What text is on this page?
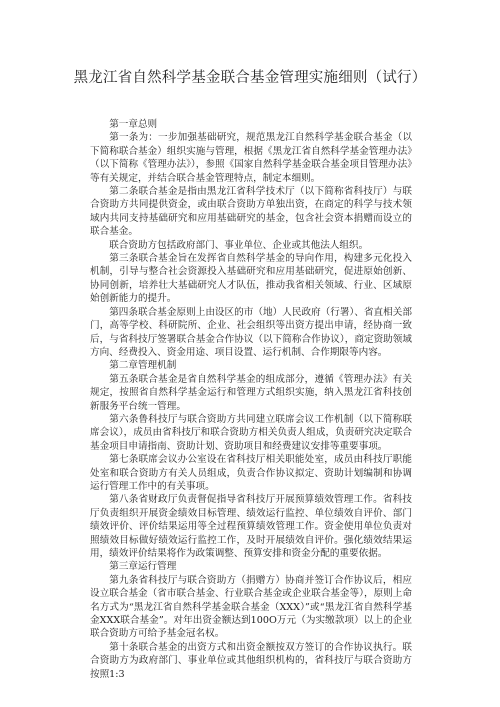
黑龙江省自然科学基金联合基金管理实施细则（试行）

第一章总则

第一条为：一步加强基础研究，规范黑龙江自然科学基金联合基金（以下简称联合基金）组织实施与管理，根据《黑龙江省自然科学基金管理办法》（以下简称《管理办法》），参照《国家自然科学基金联合基金项目管理办法》等有关规定，并结合联合基金管理特点，制定本细则。

第二条联合基金是指由黑龙江省科学技术厅（以下简称省科技厅）与联合资助方共同提供资金，或由联合资助方单独出资，在商定的科学与技术领域内共同支持基础研究和应用基础研究的基金，包含社会资本捐赠而设立的联合基金。

联合资助方包括政府部门、事业单位、企业或其他法人组织。

第三条联合基金旨在发挥省自然科学基金的导向作用，构建多元化投入机制，引导与整合社会资源投入基础研究和应用基础研究，促进原始创新、协同创新，培养壮大基础研究人才队伍，推动我省相关领域、行业、区域原始创新能力的提升。

第四条联合基金原则上由设区的市（地）人民政府（行署）、省直相关部门，高等学校、科研院所、企业、社会组织等出资方提出申请，经协商一致后，与省科技厅签署联合基金合作协议（以下简称合作协议），商定资助领域方向、经费投入、资金用途、项目设置、运行机制、合作期限等内容。

第二章管理机制

第五条联合基金是省自然科学基金的组成部分，遵循《管理办法》有关规定，按照省自然科学基金运行和管理方式组织实施，纳入黑龙江省科技创新服务平台统一管理。

第六条鲁科技厅与联合资助方共同建立联席会议工作机制（以下简称联席会议），成员由省科技厅和联合资助方相关负责人组成，负责研究决定联合基金项目申请指南、资助计划、资助项目和经费建议安排等重要事项。

第七条联席会议办公室设在省科技厅相关职能处室，成员由科技厅职能处室和联合资助方有关人员组成，负责合作协议拟定、资助计划编制和协调运行管理工作中的有关事项。

第八条省财政厅负责督促指导省科技厅开展预算绩效管理工作。省科技厅负责组织开展资金绩效目标管理、绩效运行监控、单位绩效自评价、部门绩效评价、评价结果运用等全过程预算绩效管理工作。资金使用单位负责对照绩效目标做好绩效运行监控工作，及时开展绩效自评价。强化绩效结果运用，绩效评价结果将作为政策调整、预算安排和资金分配的重要依据。

第三章运行管理

第九条省科技厅与联合资助方（捐赠方）协商并签订合作协议后，相应设立联合基金（省市联合基金、行业联合基金或企业联合基金等），原则上命名方式为“黑龙江省自然科学基金联合基金（XXX）”或“黑龙江省自然科学基金XXX联合基金”。对年出资金额达到100O万元（为实缴款项）以上的企业联合资助方可给予基金冠名权。

第十条联合基金的出资方式和出资金额按双方签订的合作协议执行。联合资助方为政府部门、事业单位或其他组织机构的，省科技厅与联合资助方按照1:3
